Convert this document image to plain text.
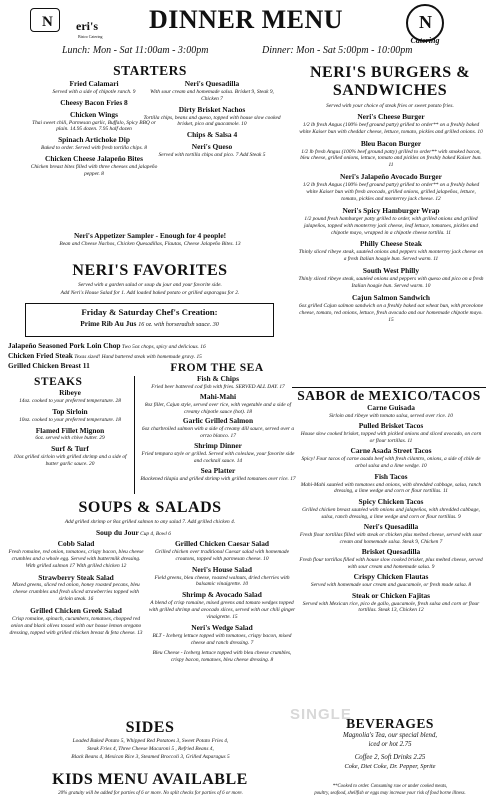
N eri's
Bistro Catering
DINNER MENU	N
Catering
Lunch: Mon - Sat 11:00am - 3:00pm	Dinner: Mon - Sat 5:00pm - 10:00pm
STARTERS
Fried Calamari
Served with a side of chipotle ranch. 9
Cheesy Bacon Fries 8
Chicken Wings
Thai sweet chili, Parmesan garlic, Buffalo, Spicy BBQ or plain. 14.95 dozen. 7.95 half dozen
Spinach Artichoke Dip
Baked to order. Served with fresh tortilla chips. 8
Chicken Cheese Jalapeño Bites
Chicken breast bites filled with three cheeses and jalapeño pepper. 8
Neri's Quesadilla
With sour cream and homemade salsa. Brisket 9, Steak 9, Chicken 7
Dirty Brisket Nachos
Tortilla chips, beans and queso, topped with house slow cooked brisket, pico and guacamole. 10
Chips & Salsa 4
Neri's Queso
Served with tortilla chips and pico. 7 Add Steak 5
Neri's Appetizer Sampler - Enough for 4 people!
Bean and Cheese Nachos, Chicken Quesadillas, Flautas, Cheese Jalapeño Bites. 13
NERI'S FAVORITES
Served with a garden salad or soup du jour and your favorite side.
Add Neri's House Salad for 1. Add loaded baked potato or grilled asparagus for 2.
Friday & Saturday Chef's Creation:
Prime Rib Au Jus 16 oz. with horseradish sauce. 30
Jalapeño Seasoned Pork Loin Chop Two 5oz chops, spicy and delicious. 16
Chicken Fried Steak Texas sized! Hand battered steak with homemade gravy. 15
Grilled Chicken Breast 11
STEAKS
Ribeye
14oz. cooked to your preferred temperature. 28
Top Sirloin
10oz. cooked to your preferred temperature. 18
Flamed Fillet Mignon
6oz. served with chive butter. 29
Surf & Turf
10oz grilled sirloin with grilled shrimp and a side of butter garlic sauce. 20
FROM THE SEA
Fish & Chips
Fried beer battered cod fish with fries. SERVED ALL DAY. 17
Mahi-Mahi
8oz fillet, Cajun style, served over rice, with vegetable and a side of creamy chipotle sauce (hot). 18
Garlic Grilled Salmon
6oz charbroiled salmon with a side of creamy dill sauce, served over a orrzo blanco. 17
Shrimp Dinner
Fried tempura style or grilled. Served with coleslaw, your favorite side and cocktail sauce. 14
Sea Platter
Blackened tilapia and grilled shrimp with grilled tomatoes over rice. 17
SOUPS & SALADS
Add grilled shrimp or 8oz grilled salmon to any salad 7. Add grilled chicken 4.
Soup du Jour Cup 4, Bowl 6
Cobb Salad
Fresh romaine, red onion, tomatoes, crispy bacon, bleu cheese crumbles and a whole egg. Served with buttermilk dressing. With grilled salmon 17 With grilled chicken 12
Strawberry Steak Salad
Mixed greens, sliced red onion, honey roasted pecans, bleu cheese crumbles and fresh sliced strawberries topped with sirloin steak. 16
Grilled Chicken Greek Salad
Crisp romaine, spinach, cucumbers, tomatoes, chopped red onion and black olives tossed with our house lemon oregano dressing, topped with grilled chicken breast & feta cheese. 13
Grilled Chicken Caesar Salad
Grilled chicken over traditional Caesar salad with homemade croutons, topped with parmesan cheese. 10
Neri's House Salad
Field greens, bleu cheese, roasted walnuts, dried cherries with balsamic vinaigrette. 10
Shrimp & Avocado Salad
A blend of crisp romaine, mixed greens and tomato wedges topped with grilled shrimp and avocado slices, served with our chili ginger vinaigrette. 15
Neri's Wedge Salad
BLT - Iceberg lettuce topped with tomatoes, crispy bacon, mixed cheese and ranch dressing. 7
Bleu Cheese - Iceberg lettuce topped with bleu cheese crumbles, crispy bacon, tomatoes, bleu cheese dressing. 8
SIDES
Loaded Baked Potato 5, Whipped Red Potatoes 3, Sweet Potato Fries 4,
Steak Fries 4, Three Cheese Macaroni 5 , Refried Beans 4,
Black Beans 4, Mexican Rice 3, Steamed Broccoli 3, Grilled Asparagus 5
KIDS MENU AVAILABLE
20% gratuity will be added for parties of 6 or more. No split checks for parties of 6 or more.
NERI'S BURGERS &
SANDWICHES
Served with your choice of steak fries or sweet potato fries.
Neri's Cheese Burger
1/2 lb fresh Angus (100% beef ground patty) grilled to order** on a freshly baked white Kaiser bun with cheddar cheese, lettuce, tomato, pickles and grilled onions. 10
Bleu Bacon Burger
1/2 lb fresh Angus (100% beef ground patty) grilled to order** with smoked bacon, bleu cheese, grilled onions, lettuce, tomato and pickles on freshly baked Kaiser bun. 11
Neri's Jalapeño Avocado Burger
1/2 lb fresh Angus (100% beef ground patty) grilled to order** on a freshly baked white Kaiser bun with fresh avocado, grilled onions, grilled jalapeños, lettuce, tomato, pickles and monterrey jack cheese. 12
Neri's Spicy Hamburger Wrap
1/2 pound fresh hamburger patty grilled to order, with grilled onions and grilled jalapeños, topped with monterrey jack cheese, leaf lettuce, tomatoes, pickles and chipotle mayo, wrapped in a chipotle cheese tortilla. 11
Philly Cheese Steak
Thinly sliced ribeye steak, sautéed onions and peppers with monterrey jack cheese on a fresh Italian hoagie bun. Served warm. 11
South West Philly
Thinly sliced ribeye steak, sautéed onions and peppers with queso and pico on a fresh Italian hoagie bun. Served warm. 10
Cajun Salmon Sandwich
6oz grilled Cajun salmon sandwich on a freshly baked oat wheat bun, with provolone cheese, tomato, red onions, lettuce, fresh avocado and our homemade chipotle mayo. 15
SABOR de MEXICO/TACOS
Carne Guisada
Sirloin and ribeye with tomato salsa, served over rice. 10
Pulled Brisket Tacos
House slow cooked brisket, topped with pickled onions and sliced avocado, on corn or flour tortillas. 11
Carne Asada Street Tacos
Spicy! Four tacos of carne asada beef with fresh cilantro, onions, a side of chile de arbol salsa and a lime wedge. 10
Fish Tacos
Mahi-Mahi sautéed with tomatoes and onions, with shredded cabbage, salsa, ranch dressing, a lime wedge and corn or flour tortillas. 11
Spicy Chicken Tacos
Grilled chicken breast sautéed with onions and jalapeños, with shredded cabbage, salsa, ranch dressing, a lime wedge and corn or flour tortillas. 9
Neri's Quesadilla
Fresh flour tortillas filled with steak or chicken plus melted cheese, served with sour cream and homemade salsa. Steak 9, Chicken 7
Brisket Quesadilla
Fresh flour tortillas filled with house slow cooked brisket, plus melted cheese, served with sour cream and homemade salsa. 9
Crispy Chicken Flautas
Served with homemade sour cream and guacamole, or fresh made salsa. 8
Steak or Chicken Fajitas
Served with Mexican rice, pico de gallo, guacamole, fresh salsa and corn or flour tortillas. Steak 13, Chicken 12
BEVERAGES
Magnolia's Tea, our special blend,
iced or hot 2.75
Coffee 2, Soft Drinks 2.25
Coke, Diet Coke, Dr. Pepper, Sprite
**Cooked to order. Consuming raw or under cooked meats,
poultry, seafood, shellfish or eggs may increase your risk of food borne illness.
SINGLE
